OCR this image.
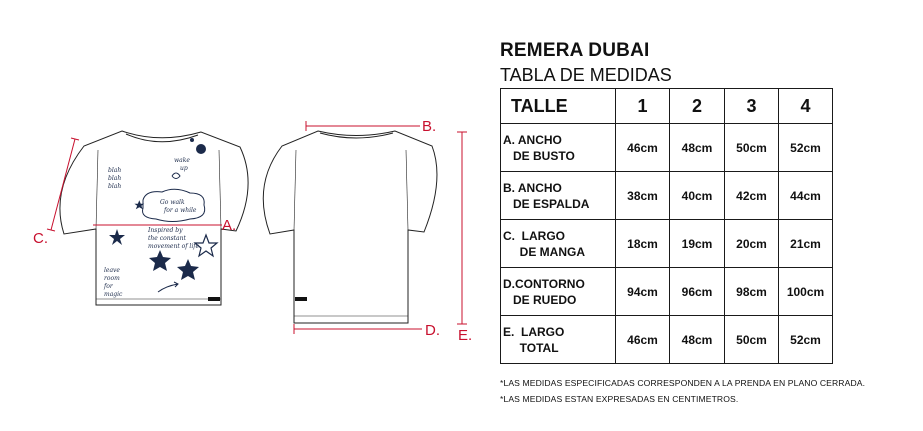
wake
up
blah
blah
blah
Go walk
for a while
Inspired by
the constant
movement of life
leave
room
for
magic
A.
C.
B.
D. E.
REMERA DUBAI
TABLA DE MEDIDAS
TALLE	1	2	3	4

A. ANCHO
DE BUSTO	46cm	48cm	50cm	52cm

B. ANCHO
DE ESPALDA	38cm	40cm	42cm	44cm

C.  LARGO
DE MANGA	18cm	19cm	20cm	21cm

D.CONTORNO
DE RUEDO	94cm	96cm	98cm	100cm

E.  LARGO
TOTAL	46cm	48cm	50cm	52cm
*LAS MEDIDAS ESPECIFICADAS CORRESPONDEN A LA PRENDA EN PLANO CERRADA.
*LAS MEDIDAS ESTAN EXPRESADAS EN CENTIMETROS.
